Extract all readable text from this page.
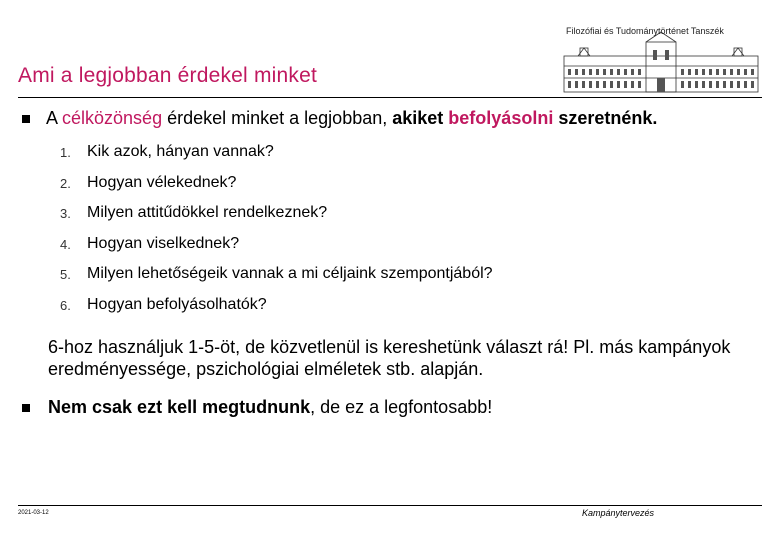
Ami a legjobban érdekel minket
Filozófiai és Tudománytörténet Tanszék
A célközönség érdekel minket a legjobban, akiket befolyásolni szeretnénk.
1.	Kik azok, hányan vannak?
2.	Hogyan vélekednek?
3.	Milyen attitűdökkel rendelkeznek?
4.	Hogyan viselkednek?
5.	Milyen lehetőségeik vannak a mi céljaink szempontjából?
6.	Hogyan befolyásolhatók?
6-hoz használjuk 1-5-öt, de közvetlenül is kereshetünk választ rá! Pl. más kampányok eredményessége, pszichológiai elméletek stb. alapján.
Nem csak ezt kell megtudnunk, de ez a legfontosabb!
2021-03-12	Kampánytervezés
